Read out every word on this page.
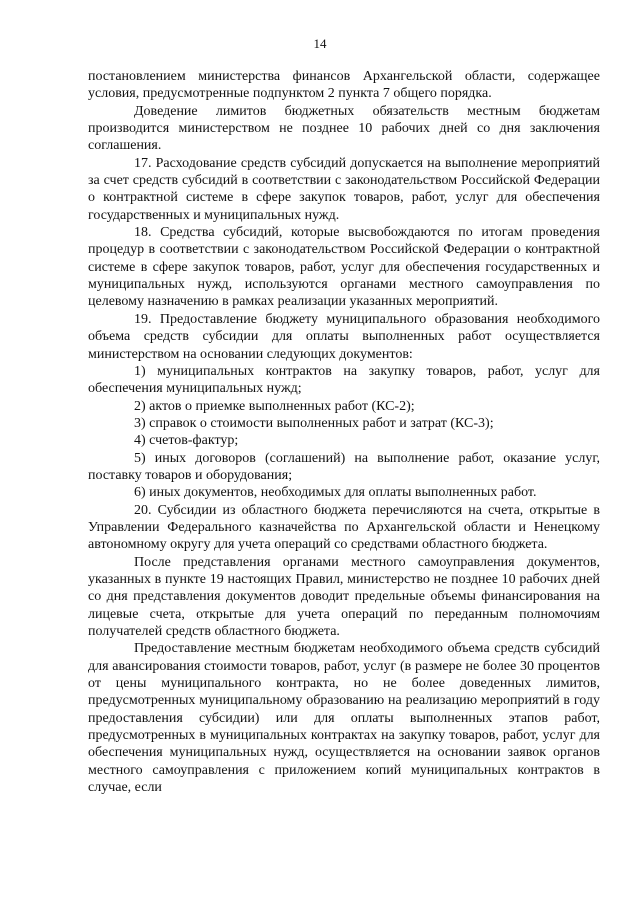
14

постановлением министерства финансов Архангельской области, содержащее условия, предусмотренные подпунктом 2 пункта 7 общего порядка.

Доведение лимитов бюджетных обязательств местным бюджетам производится министерством не позднее 10 рабочих дней со дня заключения соглашения.

17. Расходование средств субсидий допускается на выполнение мероприятий за счет средств субсидий в соответствии с законодательством Российской Федерации о контрактной системе в сфере закупок товаров, работ, услуг для обеспечения государственных и муниципальных нужд.

18. Средства субсидий, которые высвобождаются по итогам проведения процедур в соответствии с законодательством Российской Федерации о контрактной системе в сфере закупок товаров, работ, услуг для обеспечения государственных и муниципальных нужд, используются органами местного самоуправления по целевому назначению в рамках реализации указанных мероприятий.

19. Предоставление бюджету муниципального образования необходимого объема средств субсидии для оплаты выполненных работ осуществляется министерством на основании следующих документов:

1) муниципальных контрактов на закупку товаров, работ, услуг для обеспечения муниципальных нужд;

2) актов о приемке выполненных работ (КС-2);

3) справок о стоимости выполненных работ и затрат (КС-3);

4) счетов-фактур;

5) иных договоров (соглашений) на выполнение работ, оказание услуг, поставку товаров и оборудования;

6) иных документов, необходимых для оплаты выполненных работ.

20. Субсидии из областного бюджета перечисляются на счета, открытые в Управлении Федерального казначейства по Архангельской области и Ненецкому автономному округу для учета операций со средствами областного бюджета.

После представления органами местного самоуправления документов, указанных в пункте 19 настоящих Правил, министерство не позднее 10 рабочих дней со дня представления документов доводит предельные объемы финансирования на лицевые счета, открытые для учета операций по переданным полномочиям получателей средств областного бюджета.

Предоставление местным бюджетам необходимого объема средств субсидий для авансирования стоимости товаров, работ, услуг (в размере не более 30 процентов от цены муниципального контракта, но не более доведенных лимитов, предусмотренных муниципальному образованию на реализацию мероприятий в году предоставления субсидии) или для оплаты выполненных этапов работ, предусмотренных в муниципальных контрактах на закупку товаров, работ, услуг для обеспечения муниципальных нужд, осуществляется на основании заявок органов местного самоуправления с приложением копий муниципальных контрактов в случае, если
